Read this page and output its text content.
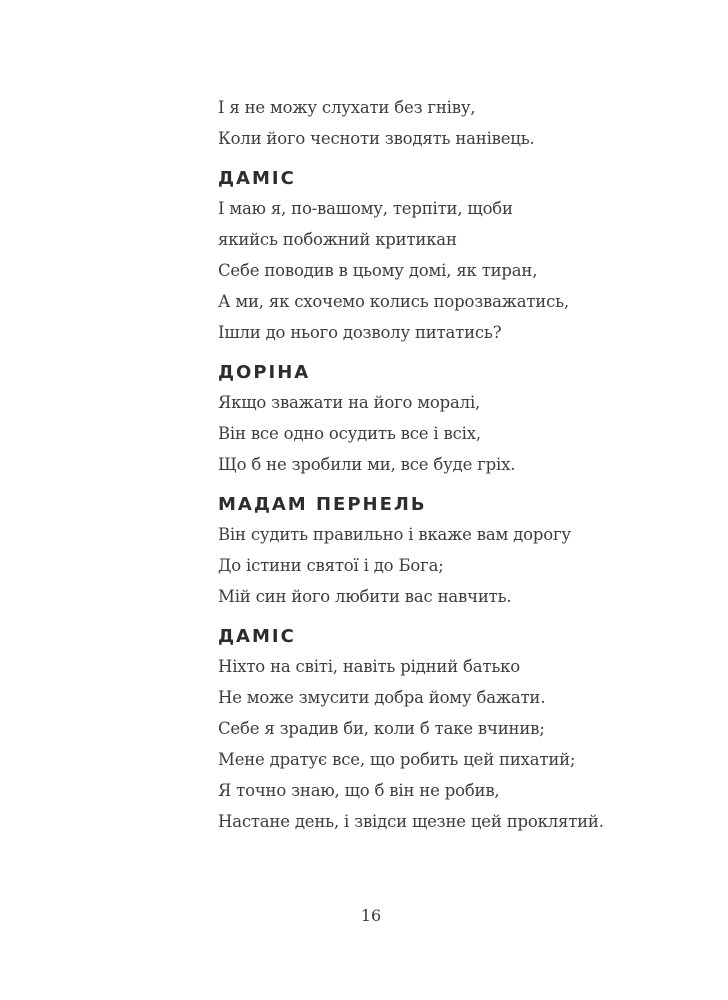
І я не можу слухати без гніву,

Коли його чесноти зводять нанівець.

ДАМІС

І маю я, по-вашому, терпіти, щоби

якийсь побожний критикан

Себе поводив в цьому домі, як тиран,

А ми, як схочемо колись порозважатись,

Ішли до нього дозволу питатись?

ДОРІНА

Якщо зважати на його моралі,

Він все одно осудить все і всіх,

Що б не зробили ми, все буде гріх.

МАДАМ ПЕРНЕЛЬ

Він судить правильно і вкаже вам дорогу

До істини святої і до Бога;

Мій син його любити вас навчить.

ДАМІС

Ніхто на світі, навіть рідний батько

Не може змусити добра йому бажати.

Себе я зрадив би, коли б таке вчинив;

Мене дратує все, що робить цей пихатий;

Я точно знаю, що б він не робив,

Настане день, і звідси щезне цей проклятий.

16
